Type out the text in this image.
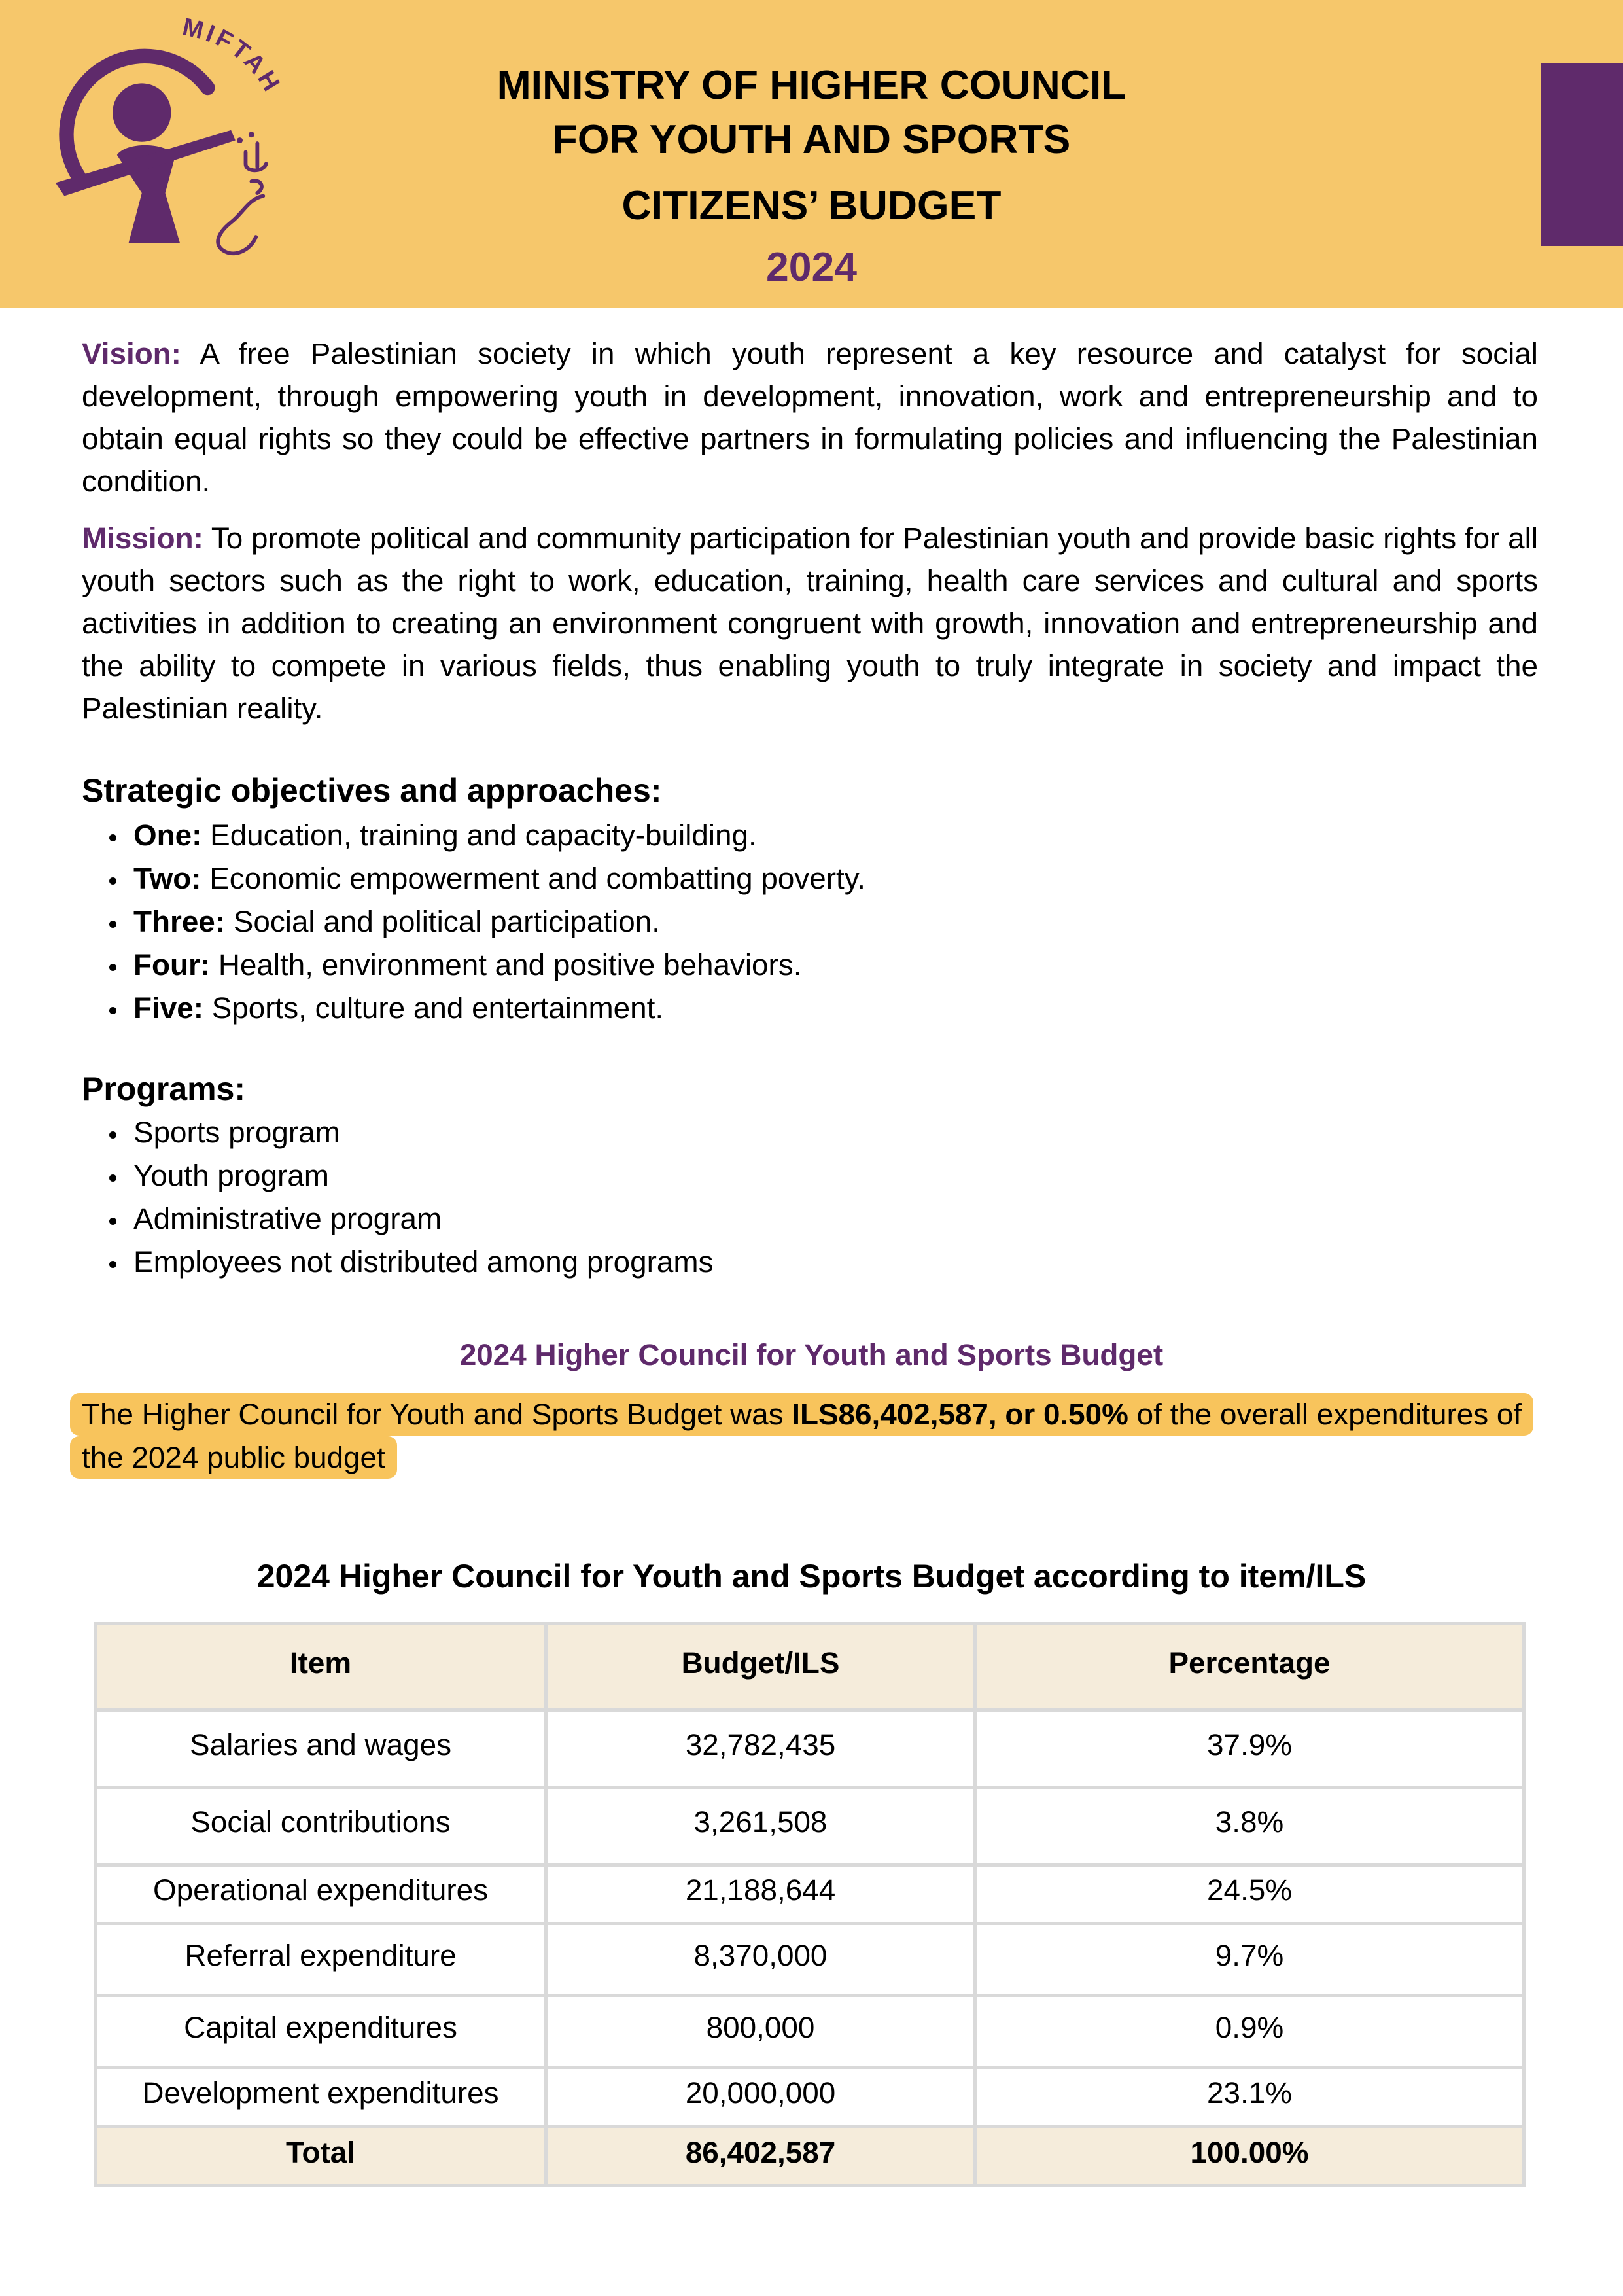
MIFTAH	MINISTRY OF HIGHER COUNCIL
FOR YOUTH AND SPORTS
CITIZENS’ BUDGET
2024

Vision: A free Palestinian society in which youth represent a key resource and catalyst for social development, through empowering youth in development, innovation, work and entrepreneurship and to obtain equal rights so they could be effective partners in formulating policies and influencing the Palestinian condition.

Mission: To promote political and community participation for Palestinian youth and provide basic rights for all youth sectors such as the right to work, education, training, health care services and cultural and sports activities in addition to creating an environment congruent with growth, innovation and entrepreneurship and the ability to compete in various fields, thus enabling youth to truly integrate in society and impact the Palestinian reality.

Strategic objectives and approaches:
One: Education, training and capacity-building.
Two: Economic empowerment and combatting poverty.
Three: Social and political participation.
Four: Health, environment and positive behaviors.
Five: Sports, culture and entertainment.
Programs:
Sports program
Youth program
Administrative program
Employees not distributed among programs
2024 Higher Council for Youth and Sports Budget

The Higher Council for Youth and Sports Budget was ILS86,402,587, or 0.50% of the overall expenditures of the 2024 public budget

2024 Higher Council for Youth and Sports Budget according to item/ILS
Item	Budget/ILS	Percentage
Salaries and wages	32,782,435	37.9%
Social contributions	3,261,508	3.8%
Operational expenditures	21,188,644	24.5%
Referral expenditure	8,370,000	9.7%
Capital expenditures	800,000	0.9%
Development expenditures	20,000,000	23.1%
Total	86,402,587	100.00%
